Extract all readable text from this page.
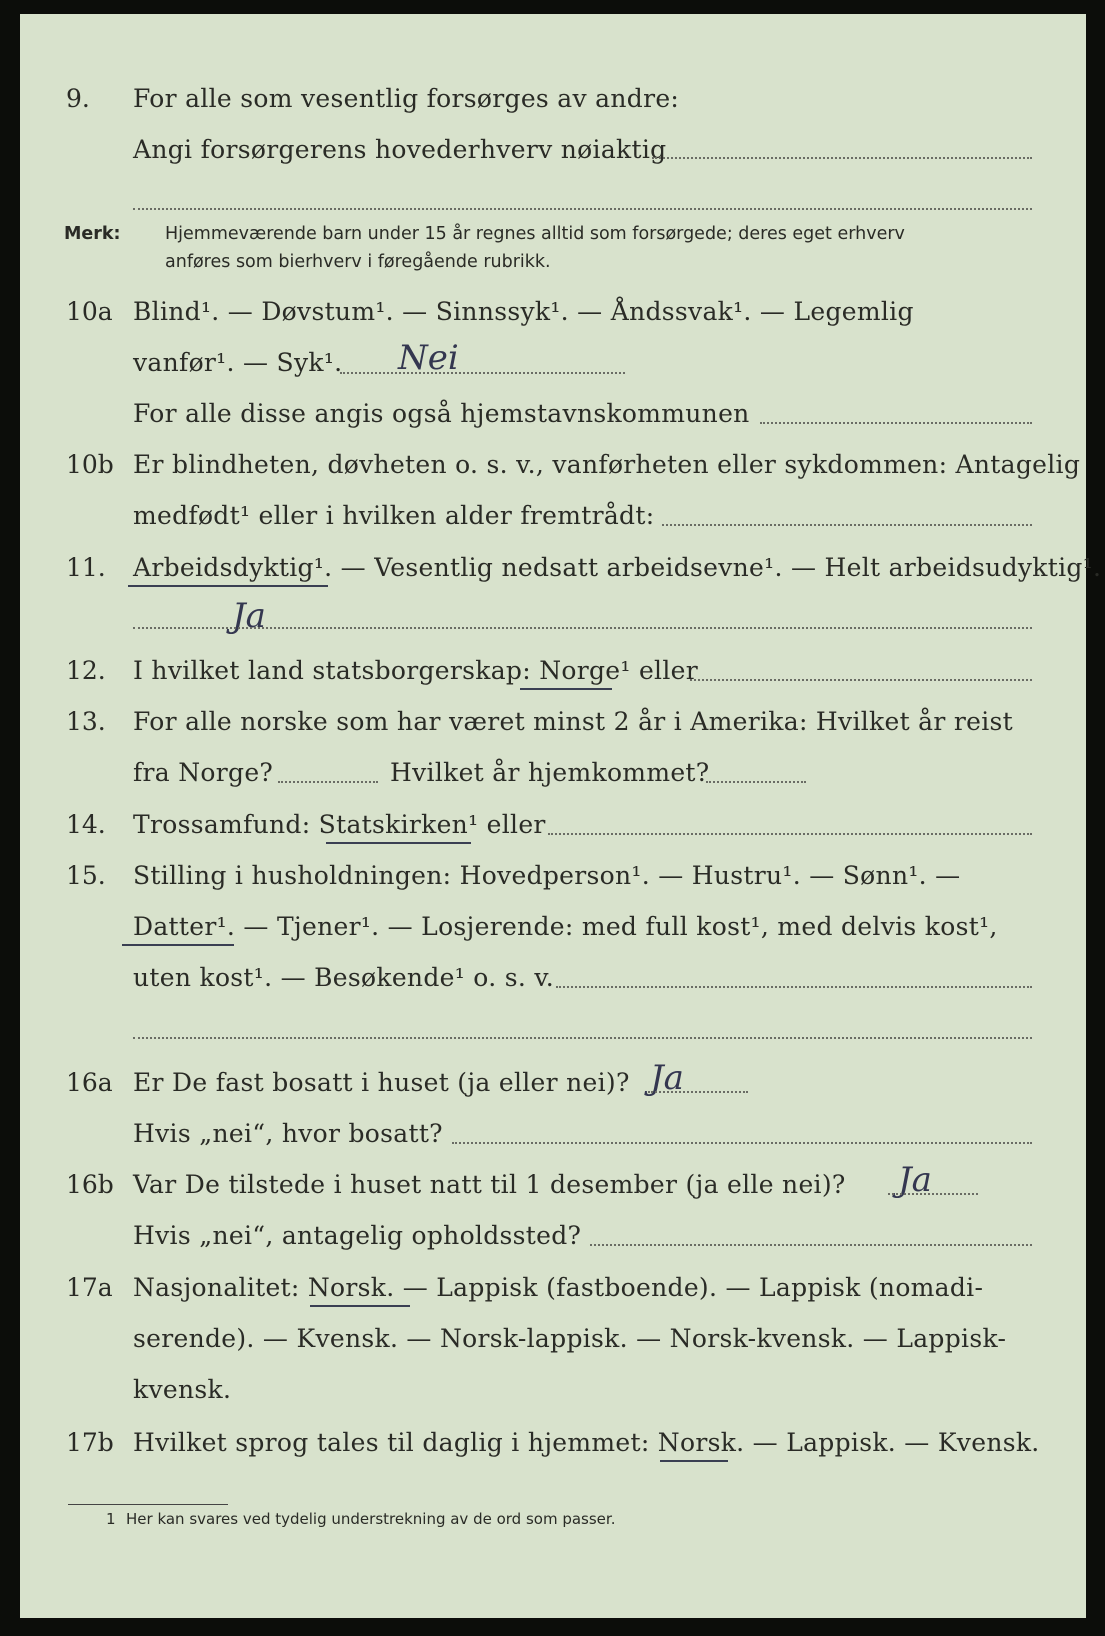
9. For alle som vesentlig forsørges av andre:
Angi forsørgerens hovederhverv nøiaktig
Merk:	Hjemmeværende barn under 15 år regnes alltid som forsørgede; deres eget erhverv
anføres som bierhverv i føregående rubrikk.
10a Blind¹. — Døvstum¹. — Sinnssyk¹. — Åndssvak¹. — Legemlig
vanfør¹. — Syk¹. Nei
For alle disse angis også hjemstavnskommunen
10b Er blindheten, døvheten o. s. v., vanførheten eller sykdommen: Antagelig
medfødt¹ eller i hvilken alder fremtrådt:
11. Arbeidsdyktig¹. — Vesentlig nedsatt arbeidsevne¹. — Helt arbeidsudyktig¹.
Ja
12. I hvilket land statsborgerskap: Norge¹ eller
13. For alle norske som har været minst 2 år i Amerika: Hvilket år reist
fra Norge?	Hvilket år hjemkommet?
14. Trossamfund: Statskirken¹ eller
15. Stilling i husholdningen: Hovedperson¹. — Hustru¹. — Sønn¹. —
Datter¹. — Tjener¹. — Losjerende: med full kost¹, med delvis kost¹,
uten kost¹. — Besøkende¹ o. s. v.
16a Er De fast bosatt i huset (ja eller nei)? Ja
Hvis „nei“, hvor bosatt?
16b Var De tilstede i huset natt til 1 desember (ja elle nei)? Ja
Hvis „nei“, antagelig opholdssted?
17a Nasjonalitet: Norsk. — Lappisk (fastboende). — Lappisk (nomadi-
serende). — Kvensk. — Norsk-lappisk. — Norsk-kvensk. — Lappisk-
kvensk.
17b Hvilket sprog tales til daglig i hjemmet: Norsk. — Lappisk. — Kvensk.
1 Her kan svares ved tydelig understrekning av de ord som passer.
